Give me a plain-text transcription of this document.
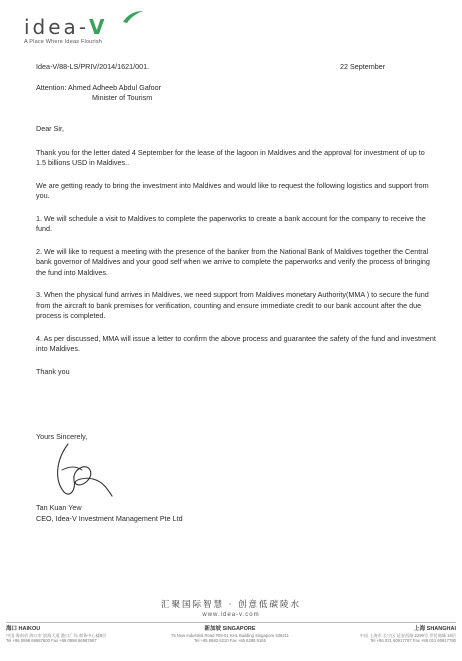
idea-V
A Place Where Ideas Flourish
Idea-V/88-LS/PRIV/2014/1621/001.	22 September
Attention: Ahmed Adheeb Abdul Gafoor
Minister of Tourism

Dear Sir,

Thank you for the letter dated 4 September for the lease of the lagoon in Maldives and the approval for investment of up to 1.5 billions USD in Maldives..

We are getting ready to bring the investment into Maldives and would like to request the following logistics and support from you.

1. We will schedule a visit to Maldives to complete the paperworks to create a bank account for the company to receive the fund.

2. We will like to request a meeting with the presence of the banker from the National Bank of Maldives together the Central bank governor of Maldives and your good self when we arrive to complete the paperworks and verify the process of bringing the fund into Maldives.

3. When the physical fund arrives in Maldives, we need support from Maldives monetary Authority(MMA ) to secure the fund from the aircraft to bank premises for verification, counting and ensure immediate credit to our bank account after the due process is completed.

4. As per discussed, MMA will issue a letter to confirm the above process and guarantee the safety of the fund and investment into Maldives.

Thank you

Yours Sincerely,
Tan Kuan Yew
CEO, Idea-V Investment Management Pte Ltd
汇聚国际智慧 · 创意低碳陵水
www.idea-v.com
海口 HAIKOU
中国 海南省 海口市 滨海大道 港口广场 商务中心楼8层
Tel +86 0898 66987600 Fax +86 0898 66987667
新加坡 SINGAPORE
75 New Industrial Road #05-01 KHL Building Singapore 536211
Tel +65 6683 8210 Fax +65 6288 9165
上海 SHANGHAI
中国 上海市 长宁区 延安西路 2299号 世贸商城 18层
Tel +86 021 60917787 Fax +86 021 60917780
